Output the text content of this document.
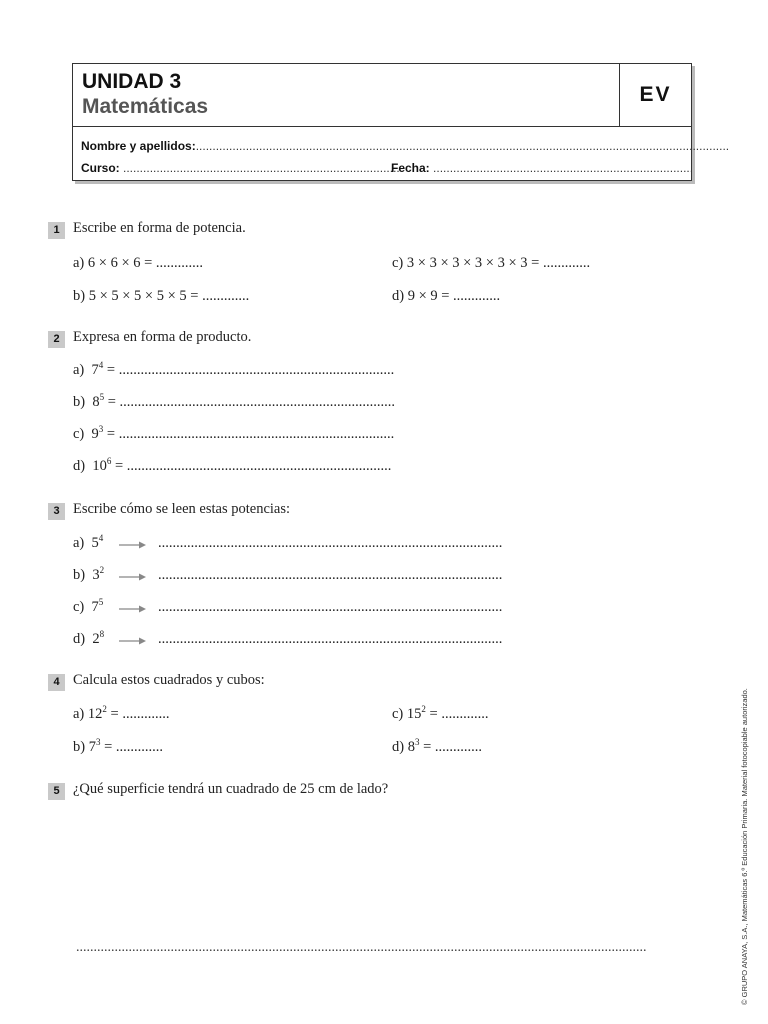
UNIDAD 3
Matemáticas
EV
Nombre y apellidos:................................................................................................................................................................
Curso: ...................................................................................
Fecha: ..............................................................................
1 Escribe en forma de potencia.
a) 6 × 6 × 6 = .............	c) 3 × 3 × 3 × 3 × 3 × 3 = .............
b) 5 × 5 × 5 × 5 × 5 = .............	d) 9 × 9 = .............
2 Expresa en forma de producto.
a) $7^4$ = ............................................................................
b) $8^5$ = ............................................................................
c) $9^3$ = ............................................................................
d) $10^6$ = .........................................................................
3 Escribe cómo se leen estas potencias:
a) $5^4$	...............................................................................................
b) $3^2$	...............................................................................................
c) $7^5$	...............................................................................................
d) $2^8$	...............................................................................................
4 Calcula estos cuadrados y cubos:
a) $12^2$ = .............	c) $15^2$ = .............
b) $7^3$ = .............	d) $8^3$ = .............
5 ¿Qué superficie tendrá un cuadrado de 25 cm de lado?
...................................................................................................................................................................	© GRUPO ANAYA, S.A., Matemáticas 6.º Educación Primaria. Material fotocopiable autorizado.
